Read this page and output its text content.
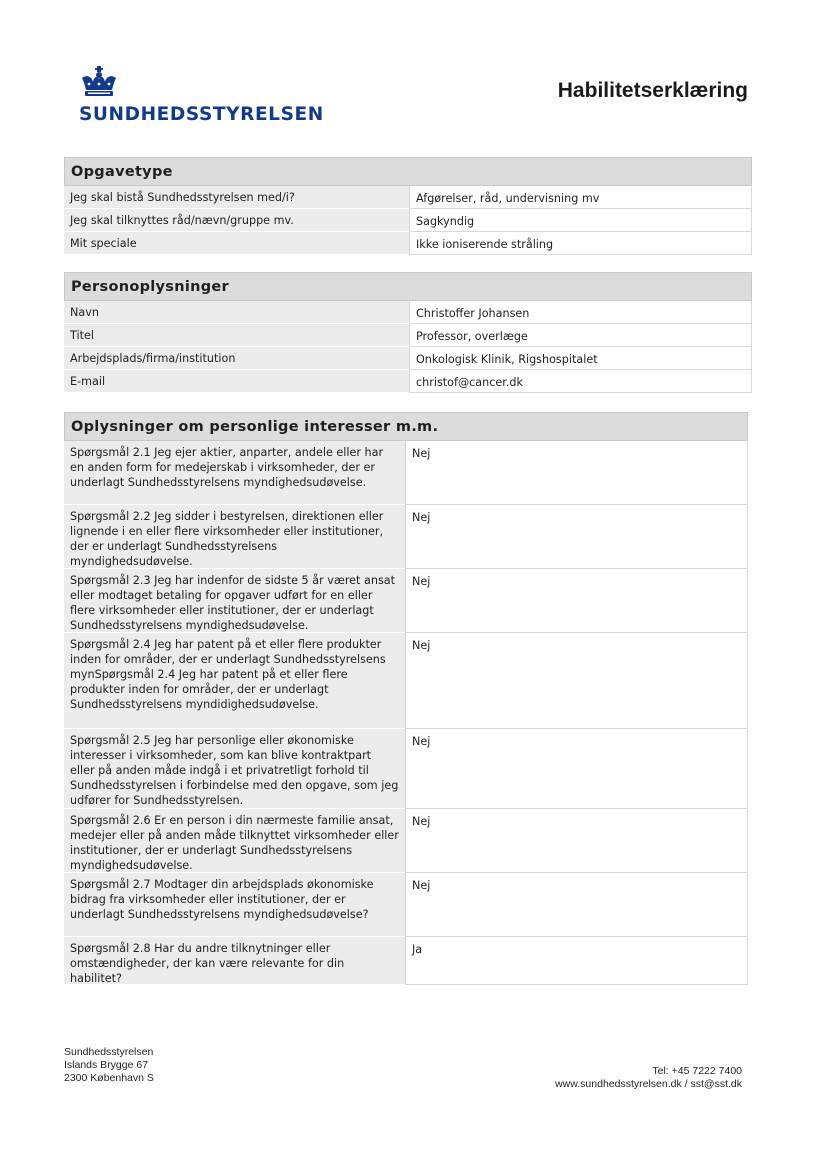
SUNDHEDSSTYRELSEN
Habilitetserklæring
Opgavetype
Jeg skal bistå Sundhedsstyrelsen med/i?	Afgørelser, råd, undervisning mv
Jeg skal tilknyttes råd/nævn/gruppe mv.	Sagkyndig
Mit speciale	Ikke ioniserende stråling
Personoplysninger
Navn	Christoffer Johansen
Titel	Professor, overlæge
Arbejdsplads/firma/institution	Onkologisk Klinik, Rigshospitalet
E-mail	christof@cancer.dk
Oplysninger om personlige interesser m.m.
Spørgsmål 2.1 Jeg ejer aktier, anparter, andele eller har en anden form for medejerskab i virksomheder, der er underlagt Sundhedsstyrelsens myndighedsudøvelse.
Nej
Spørgsmål 2.2 Jeg sidder i bestyrelsen, direktionen eller lignende i en eller flere virksomheder eller institutioner, der er underlagt Sundhedsstyrelsens myndighedsudøvelse.
Nej
Spørgsmål 2.3 Jeg har indenfor de sidste 5 år været ansat eller modtaget betaling for opgaver udført for en eller flere virksomheder eller institutioner, der er underlagt Sundhedsstyrelsens myndighedsudøvelse.
Nej
Spørgsmål 2.4 Jeg har patent på et eller flere produkter inden for områder, der er underlagt Sundhedsstyrelsens mynSpørgsmål 2.4 Jeg har patent på et eller flere produkter inden for områder, der er underlagt Sundhedsstyrelsens myndidighedsudøvelse.
Nej
Spørgsmål 2.5 Jeg har personlige eller økonomiske interesser i virksomheder, som kan blive kontraktpart eller på anden måde indgå i et privatretligt forhold til Sundhedsstyrelsen i forbindelse med den opgave, som jeg udfører for Sundhedsstyrelsen.
Nej
Spørgsmål 2.6 Er en person i din nærmeste familie ansat, medejer eller på anden måde tilknyttet virksomheder eller institutioner, der er underlagt Sundhedsstyrelsens myndighedsudøvelse.
Nej
Spørgsmål 2.7 Modtager din arbejdsplads økonomiske bidrag fra virksomheder eller institutioner, der er underlagt Sundhedsstyrelsens myndighedsudøvelse?
Nej
Spørgsmål 2.8 Har du andre tilknytninger eller omstændigheder, der kan være relevante for din habilitet?
Ja
Sundhedsstyrelsen
Islands Brygge 67
2300 København S
Tel: +45 7222 7400
www.sundhedsstyrelsen.dk / sst@sst.dk
